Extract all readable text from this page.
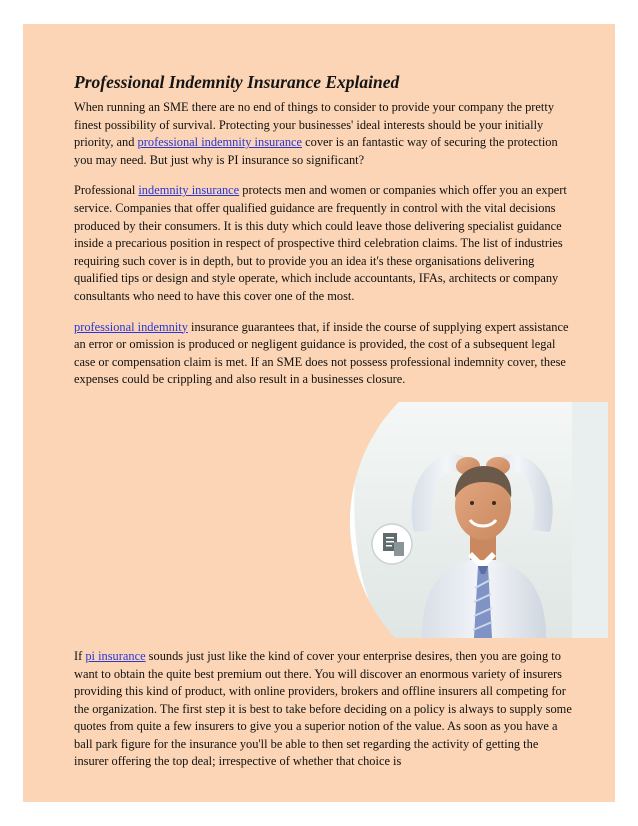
Professional Indemnity Insurance Explained

When running an SME there are no end of things to consider to provide your company the pretty finest possibility of survival. Protecting your businesses' ideal interests should be your initially priority, and professional indemnity insurance cover is an fantastic way of securing the protection you may need. But just why is PI insurance so significant?

Professional indemnity insurance protects men and women or companies which offer you an expert service. Companies that offer qualified guidance are frequently in control with the vital decisions produced by their consumers. It is this duty which could leave those delivering specialist guidance inside a precarious position in respect of prospective third celebration claims. The list of industries requiring such cover is in depth, but to provide you an idea it's these organisations delivering qualified tips or design and style operate, which include accountants, IFAs, architects or company consultants who need to have this cover one of the most.

professional indemnity insurance guarantees that, if inside the course of supplying expert assistance an error or omission is produced or negligent guidance is provided, the cost of a subsequent legal case or compensation claim is met. If an SME does not possess professional indemnity cover, these expenses could be crippling and also result in a businesses closure.

If pi insurance sounds just just like the kind of cover your enterprise desires, then you are going to want to obtain the quite best premium out there. You will discover an enormous variety of insurers providing this kind of product, with online providers, brokers and offline insurers all competing for the organization. The first step it is best to take before deciding on a policy is always to supply some quotes from quite a few insurers to give you a superior notion of the value. As soon as you have a ball park figure for the insurance you'll be able to then set regarding the activity of getting the insurer offering the top deal; irrespective of whether that choice is
